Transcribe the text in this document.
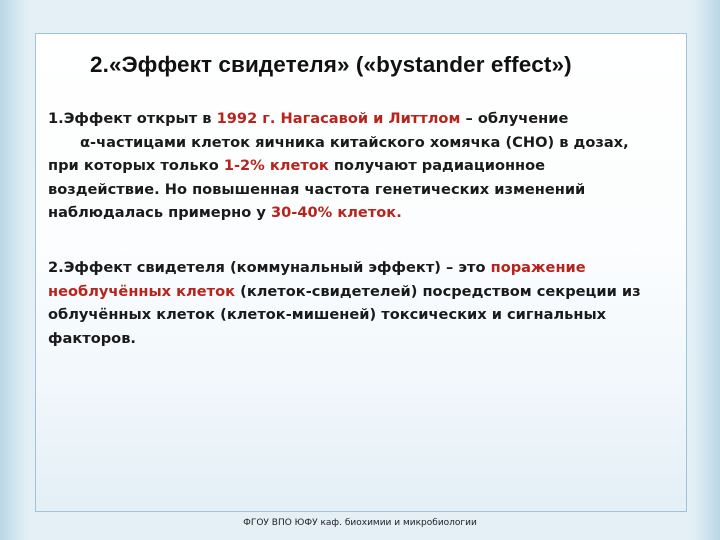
2.«Эффект свидетеля» («bystander effect»)
1.Эффект открыт в 1992 г. Нагасавой и Литтлом – облучение
α-частицами клеток яичника китайского хомячка (CHO) в дозах,
при которых только 1-2% клеток получают радиационное
воздействие. Но повышенная частота генетических изменений
наблюдалась примерно у 30-40% клеток.
2.Эффект свидетеля (коммунальный эффект) – это поражение
необлучённых клеток (клеток-свидетелей) посредством секреции из
облучённых клеток (клеток-мишеней) токсических и сигнальных
факторов.
ФГОУ ВПО ЮФУ каф. биохимии и микробиологии
